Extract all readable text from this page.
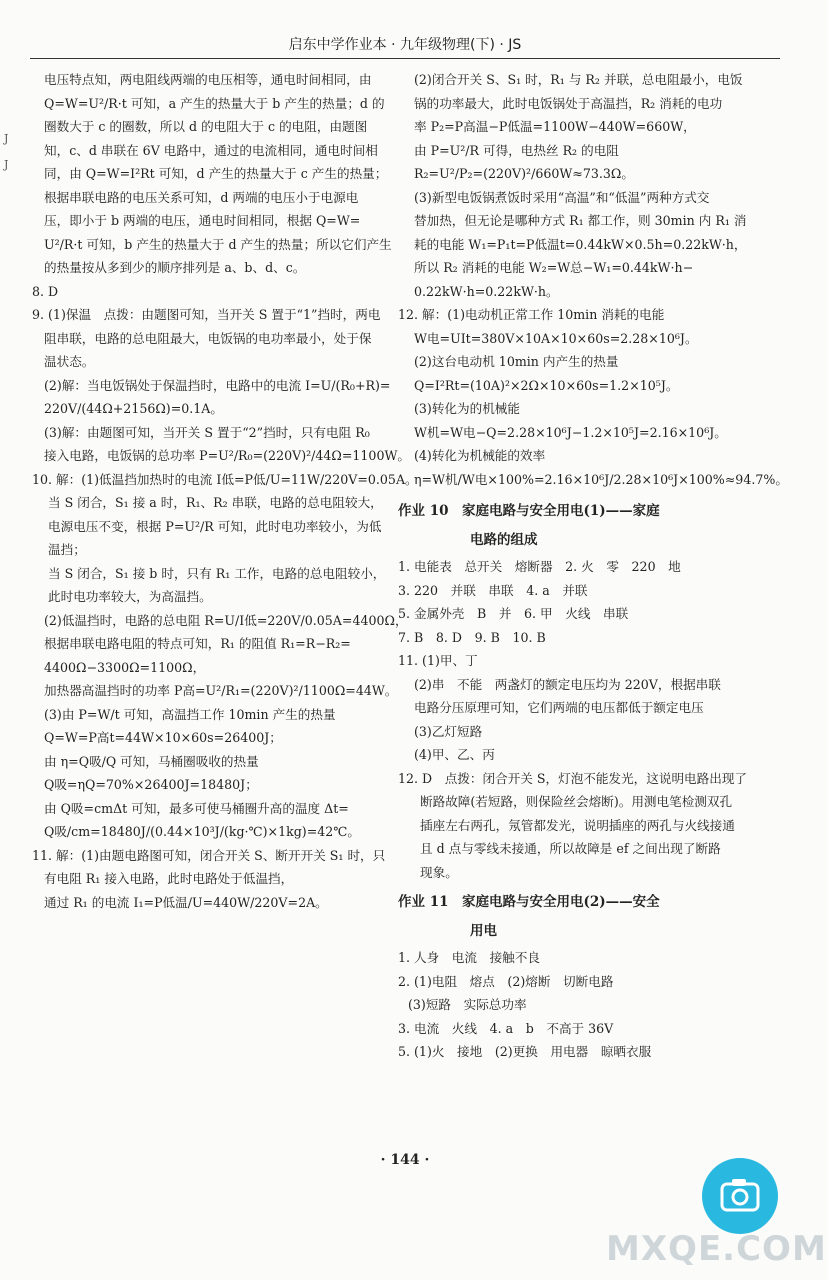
启东中学作业本 · 九年级物理(下) · JS
J
J
电压特点知，两电阻线两端的电压相等，通电时间相同，由
Q=W=U²/R·t 可知，a 产生的热量大于 b 产生的热量；d 的
圈数大于 c 的圈数，所以 d 的电阻大于 c 的电阻，由题图
知，c、d 串联在 6V 电路中，通过的电流相同，通电时间相
同，由 Q=W=I²Rt 可知，d 产生的热量大于 c 产生的热量；
根据串联电路的电压关系可知，d 两端的电压小于电源电
压，即小于 b 两端的电压，通电时间相同，根据 Q=W=
U²/R·t 可知，b 产生的热量大于 d 产生的热量；所以它们产生
的热量按从多到少的顺序排列是 a、b、d、c。
8. D
9. (1)保温　点拨：由题图可知，当开关 S 置于“1”挡时，两电
阻串联，电路的总电阻最大，电饭锅的电功率最小，处于保
温状态。
(2)解：当电饭锅处于保温挡时，电路中的电流 I=U/(R₀+R)=
220V/(44Ω+2156Ω)=0.1A。
(3)解：由题图可知，当开关 S 置于“2”挡时，只有电阻 R₀
接入电路，电饭锅的总功率 P=U²/R₀=(220V)²/44Ω=1100W。
10. 解：(1)低温挡加热时的电流 I低=P低/U=11W/220V=0.05A。
当 S 闭合，S₁ 接 a 时，R₁、R₂ 串联，电路的总电阻较大，
电源电压不变，根据 P=U²/R 可知，此时电功率较小，为低
温挡；
当 S 闭合，S₁ 接 b 时，只有 R₁ 工作，电路的总电阻较小，
此时电功率较大，为高温挡。
(2)低温挡时，电路的总电阻 R=U/I低=220V/0.05A=4400Ω，
根据串联电路电阻的特点可知，R₁ 的阻值 R₁=R−R₂=
4400Ω−3300Ω=1100Ω，
加热器高温挡时的功率 P高=U²/R₁=(220V)²/1100Ω=44W。
(3)由 P=W/t 可知，高温挡工作 10min 产生的热量
Q=W=P高t=44W×10×60s=26400J；
由 η=Q吸/Q 可知，马桶圈吸收的热量
Q吸=ηQ=70%×26400J=18480J；
由 Q吸=cmΔt 可知，最多可使马桶圈升高的温度 Δt=
Q吸/cm=18480J/(0.44×10³J/(kg·℃)×1kg)=42℃。
11. 解：(1)由题电路图可知，闭合开关 S、断开开关 S₁ 时，只
有电阻 R₁ 接入电路，此时电路处于低温挡，
通过 R₁ 的电流 I₁=P低温/U=440W/220V=2A。
(2)闭合开关 S、S₁ 时，R₁ 与 R₂ 并联，总电阻最小，电饭
锅的功率最大，此时电饭锅处于高温挡，R₂ 消耗的电功
率 P₂=P高温−P低温=1100W−440W=660W，
由 P=U²/R 可得，电热丝 R₂ 的电阻
R₂=U²/P₂=(220V)²/660W≈73.3Ω。
(3)新型电饭锅煮饭时采用“高温”和“低温”两种方式交
替加热，但无论是哪种方式 R₁ 都工作，则 30min 内 R₁ 消
耗的电能 W₁=P₁t=P低温t=0.44kW×0.5h=0.22kW·h，
所以 R₂ 消耗的电能 W₂=W总−W₁=0.44kW·h−
0.22kW·h=0.22kW·h。
12. 解：(1)电动机正常工作 10min 消耗的电能
W电=UIt=380V×10A×10×60s=2.28×10⁶J。
(2)这台电动机 10min 内产生的热量
Q=I²Rt=(10A)²×2Ω×10×60s=1.2×10⁵J。
(3)转化为的机械能
W机=W电−Q=2.28×10⁶J−1.2×10⁵J=2.16×10⁶J。
(4)转化为机械能的效率
η=W机/W电×100%=2.16×10⁶J/2.28×10⁶J×100%≈94.7%。
作业 10　家庭电路与安全用电(1)——家庭
电路的组成
1. 电能表　总开关　熔断器　2. 火　零　220　地
3. 220　并联　串联　4. a　并联
5. 金属外壳　B　并　6. 甲　火线　串联
7. B　8. D　9. B　10. B
11. (1)甲、丁
(2)串　不能　两盏灯的额定电压均为 220V，根据串联
电路分压原理可知，它们两端的电压都低于额定电压
(3)乙灯短路
(4)甲、乙、丙
12. D　点拨：闭合开关 S，灯泡不能发光，这说明电路出现了
断路故障(若短路，则保险丝会熔断)。用测电笔检测双孔
插座左右两孔，氖管都发光，说明插座的两孔与火线接通
且 d 点与零线未接通，所以故障是 ef 之间出现了断路
现象。
作业 11　家庭电路与安全用电(2)——安全
用电
1. 人身　电流　接触不良
2. (1)电阻　熔点　(2)熔断　切断电路
(3)短路　实际总功率
3. 电流　火线　4. a　b　不高于 36V
5. (1)火　接地　(2)更换　用电器　晾晒衣服
· 144 ·
MXQE.COM
